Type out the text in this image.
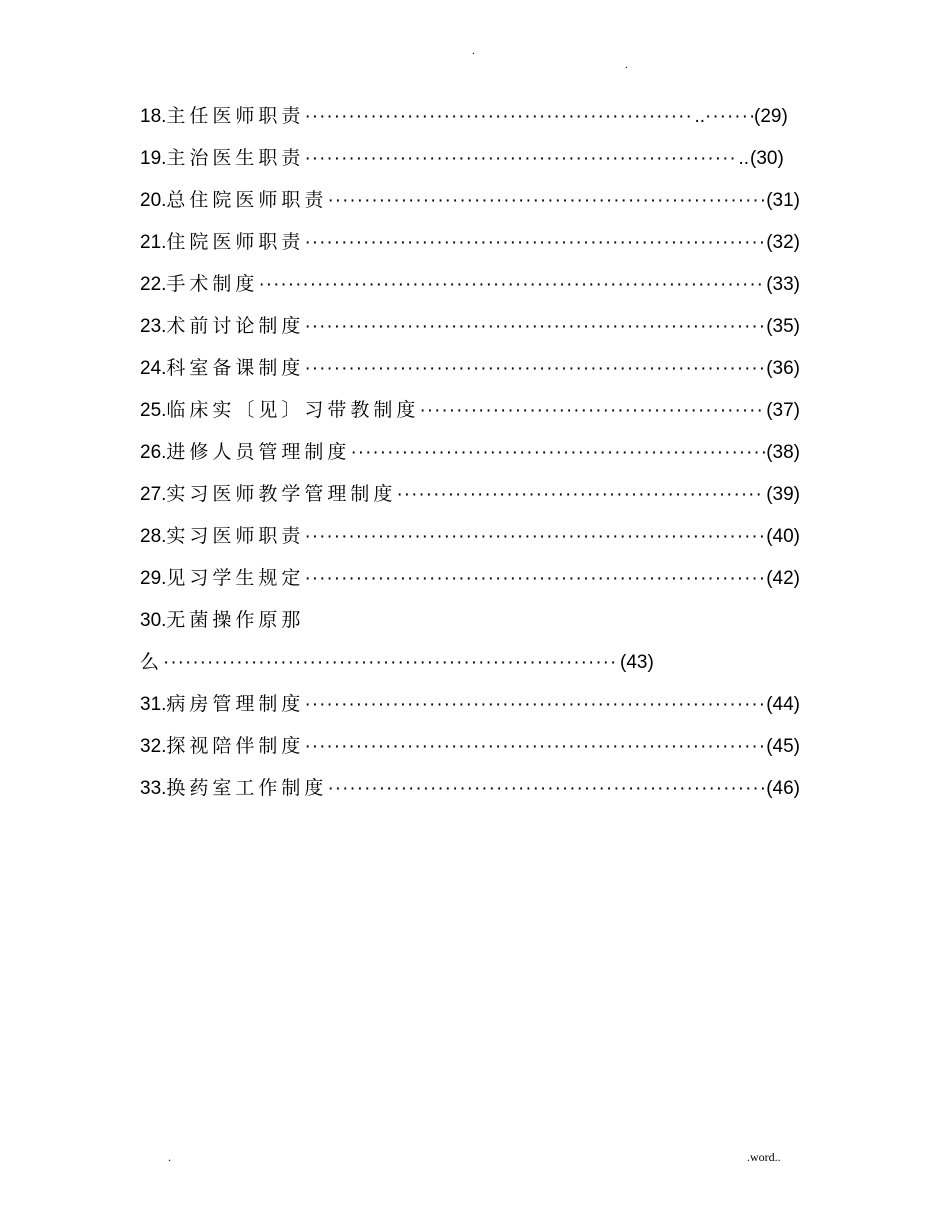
.
.
18.主任医师职责 ·····	.. ·····	(29)
19.主治医生职责 ·····	.. (30)
20.总住院医师职责 ·····	(31)
21.住院医师职责 ·····	(32)
22.手术制度 ·····	(33)
23.术前讨论制度 ·····	(35)
24.科室备课制度 ·····	(36)
25.临床实〔见〕习带教制度 ·····	(37)
26.进修人员管理制度 ·····	(38)
27.实习医师教学管理制度 ·····	(39)
28.实习医师职责 ·····	(40)
29.见习学生规定 ·····	(42)
30.无菌操作原那
么 ·····	(43)
31.病房管理制度 ·····	(44)
32.探视陪伴制度 ·····	(45)
33.换药室工作制度 ·····	(46)
.	.word..
